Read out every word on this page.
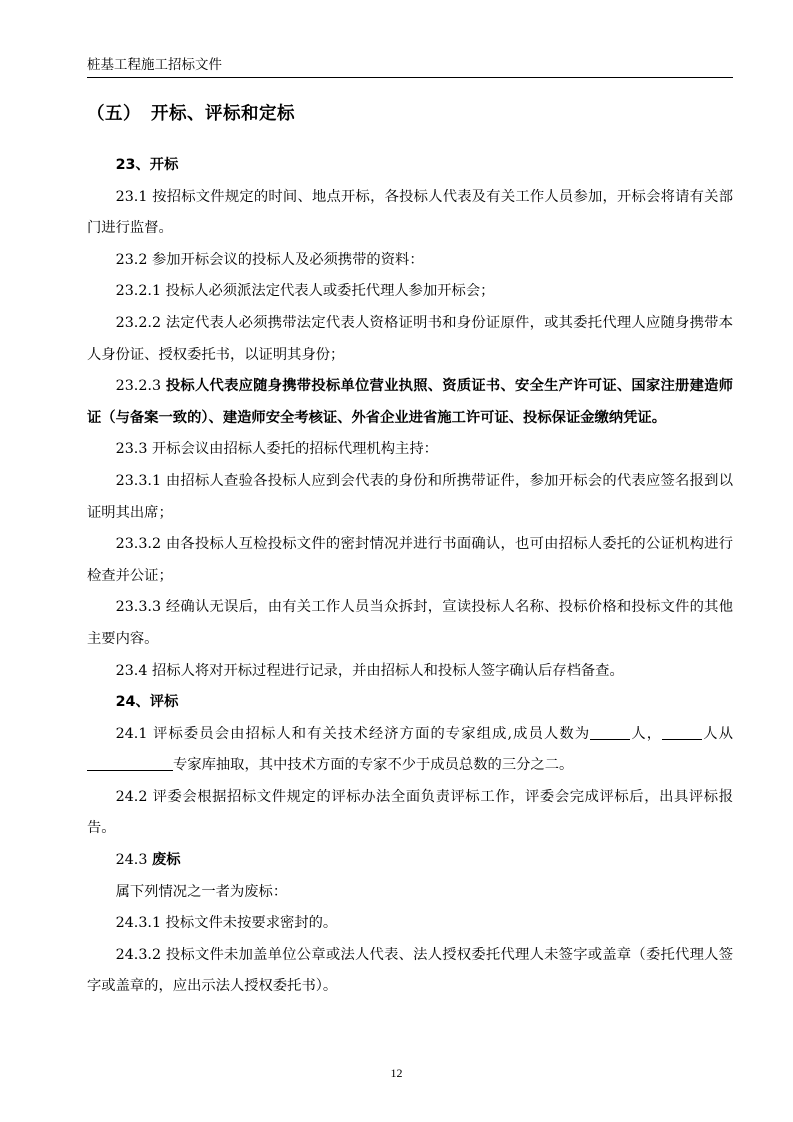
桩基工程施工招标文件
（五） 开标、评标和定标

23、开标

23.1 按招标文件规定的时间、地点开标，各投标人代表及有关工作人员参加，开标会将请有关部门进行监督。

23.2 参加开标会议的投标人及必须携带的资料：

23.2.1 投标人必须派法定代表人或委托代理人参加开标会；

23.2.2 法定代表人必须携带法定代表人资格证明书和身份证原件，或其委托代理人应随身携带本人身份证、授权委托书，以证明其身份；

23.2.3 投标人代表应随身携带投标单位营业执照、资质证书、安全生产许可证、国家注册建造师证（与备案一致的）、建造师安全考核证、外省企业进省施工许可证、投标保证金缴纳凭证。

23.3 开标会议由招标人委托的招标代理机构主持：

23.3.1 由招标人查验各投标人应到会代表的身份和所携带证件，参加开标会的代表应签名报到以证明其出席；

23.3.2 由各投标人互检投标文件的密封情况并进行书面确认，也可由招标人委托的公证机构进行检查并公证；

23.3.3 经确认无误后，由有关工作人员当众拆封，宣读投标人名称、投标价格和投标文件的其他主要内容。

23.4 招标人将对开标过程进行记录，并由招标人和投标人签字确认后存档备查。

24、评标

24.1 评标委员会由招标人和有关技术经济方面的专家组成,成员人数为	人，	人从专家库抽取，其中技术方面的专家不少于成员总数的三分之二。

24.2 评委会根据招标文件规定的评标办法全面负责评标工作，评委会完成评标后，出具评标报告。

24.3 废标

属下列情况之一者为废标：

24.3.1 投标文件未按要求密封的。

24.3.2 投标文件未加盖单位公章或法人代表、法人授权委托代理人未签字或盖章（委托代理人签字或盖章的，应出示法人授权委托书）。

12
